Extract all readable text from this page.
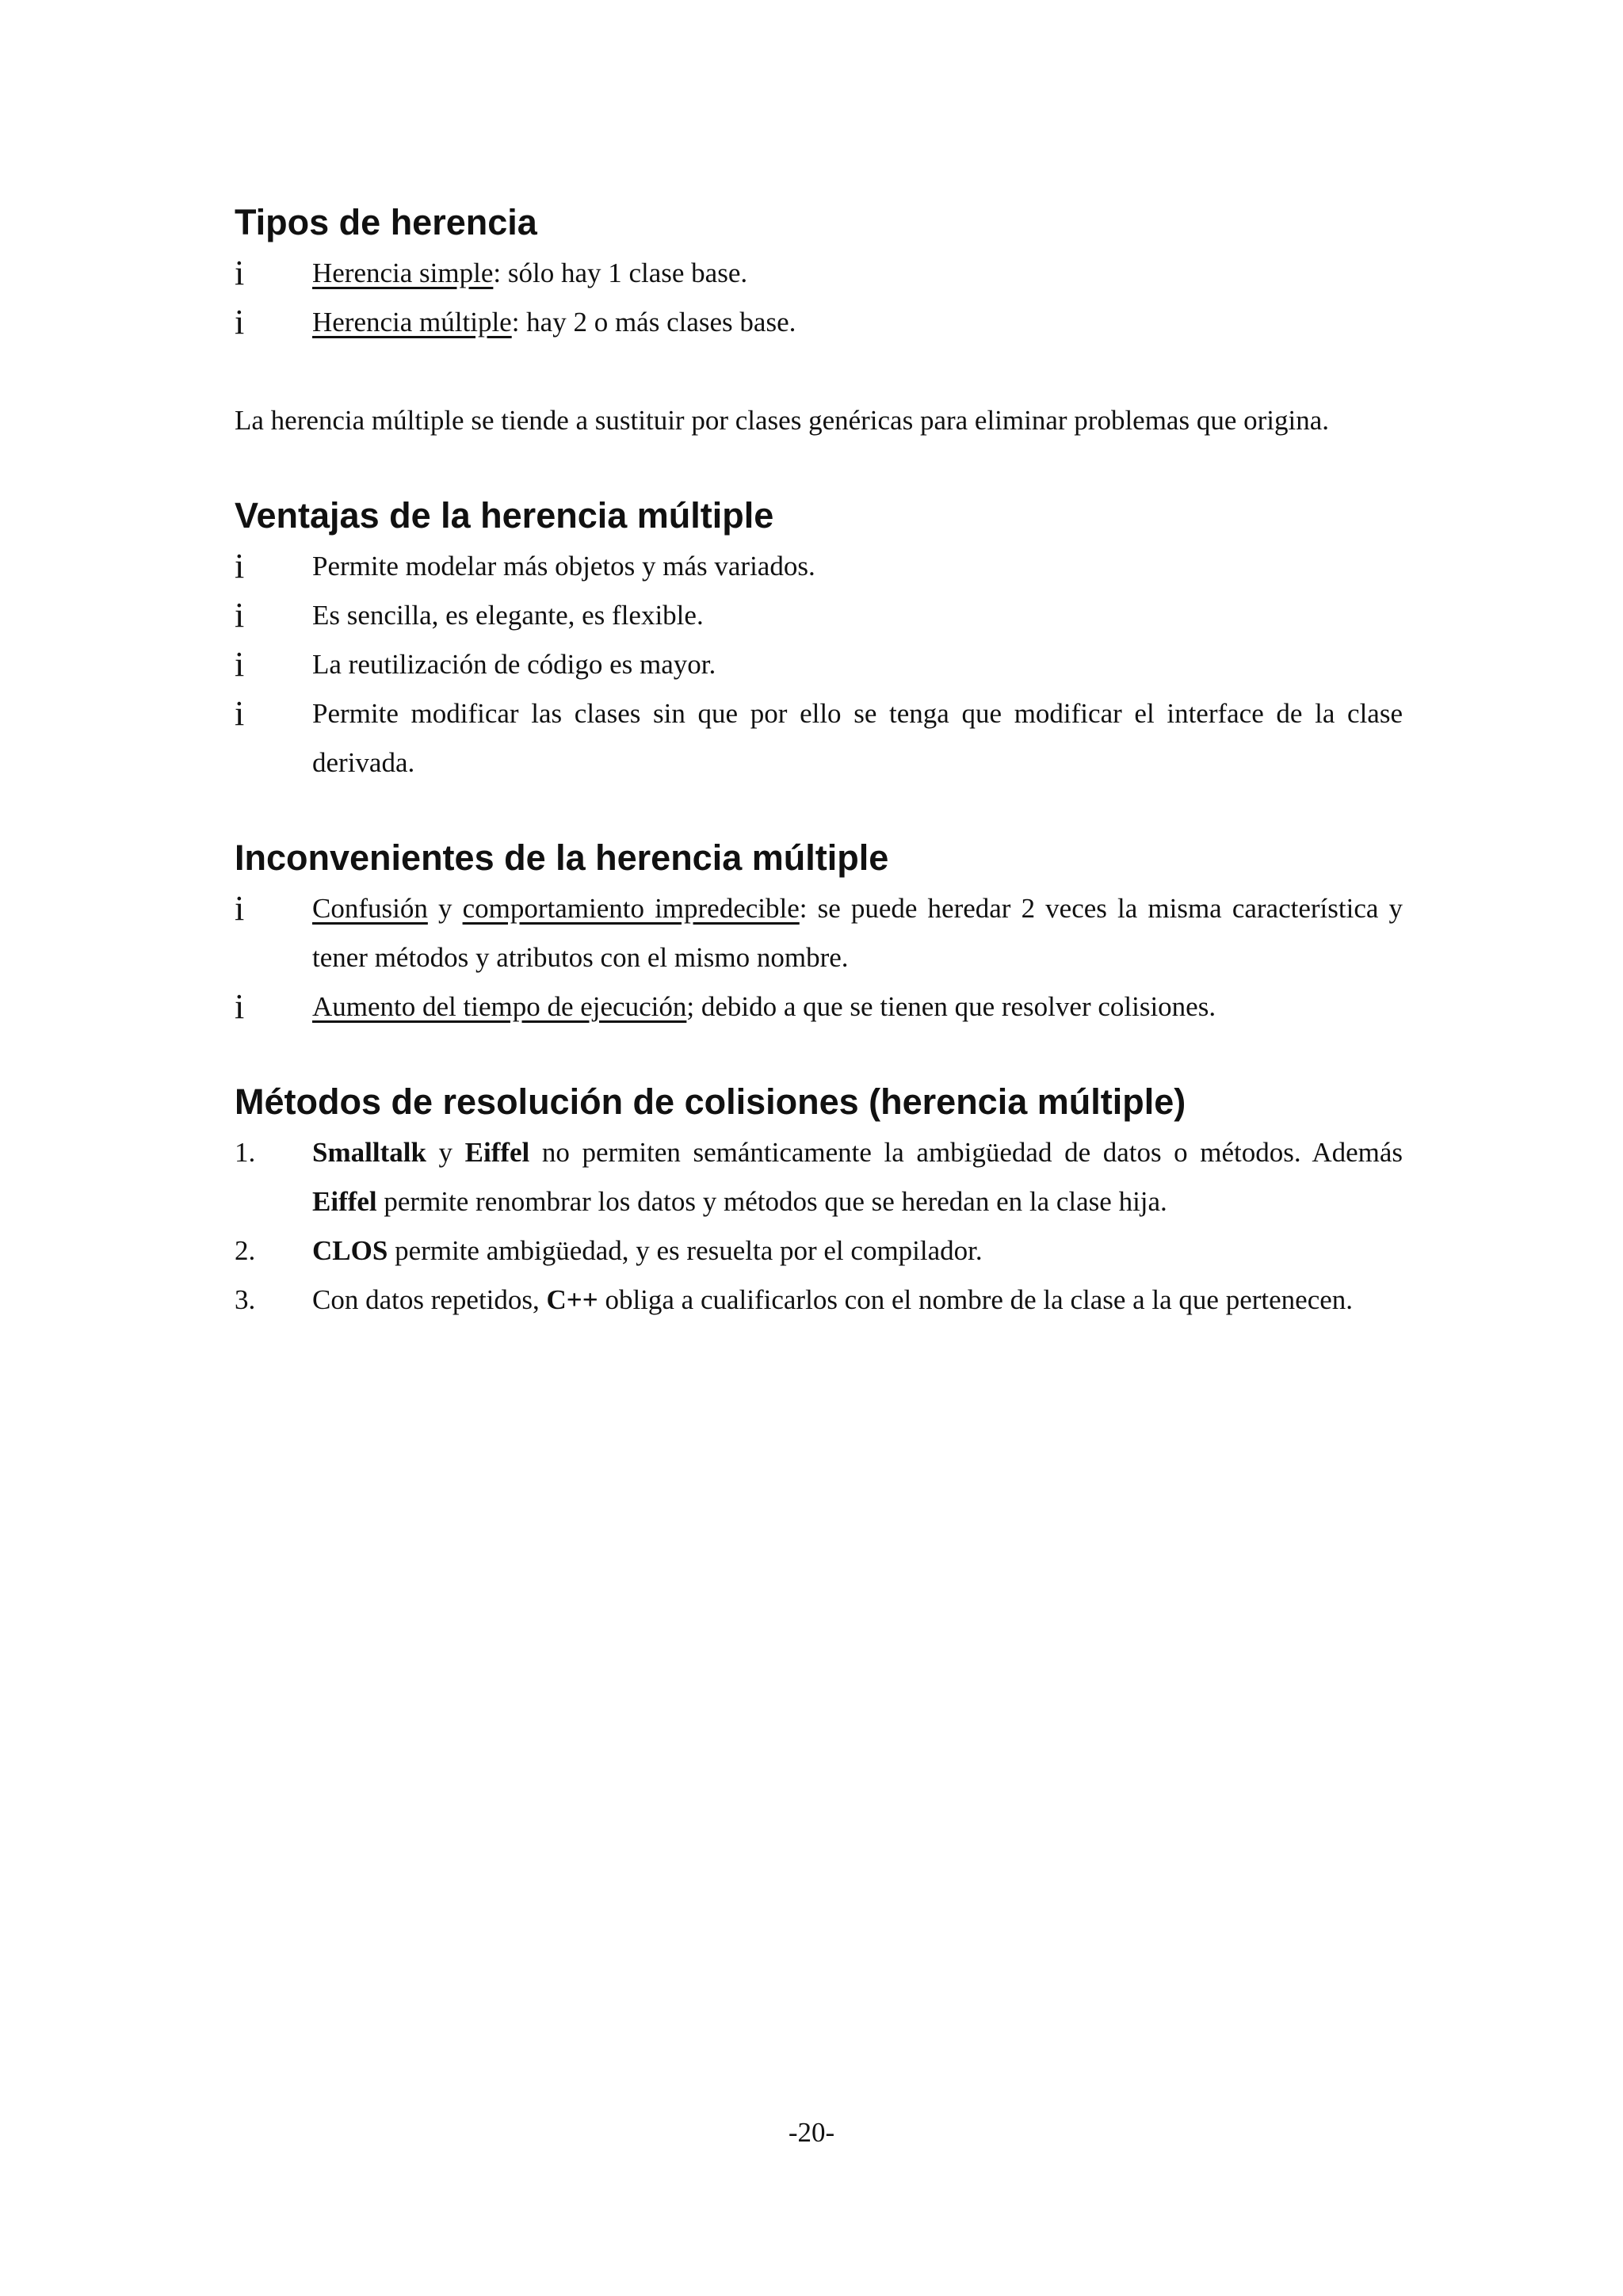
Tipos de herencia
i	Herencia simple: sólo hay 1 clase base.
i	Herencia múltiple: hay 2 o más clases base.

La herencia múltiple se tiende a sustituir por clases genéricas para eliminar problemas que origina.

Ventajas de la herencia múltiple
i	Permite modelar más objetos y más variados.
i	Es sencilla, es elegante, es flexible.
i	La reutilización de código es mayor.
i	Permite modificar las clases sin que por ello se tenga que modificar el interface de la clase derivada.
Inconvenientes de la herencia múltiple
i	Confusión y comportamiento impredecible: se puede heredar 2 veces la misma característica y tener métodos y atributos con el mismo nombre.
i	Aumento del tiempo de ejecución; debido a que se tienen que resolver colisiones.
Métodos de resolución de colisiones (herencia múltiple)
1.	Smalltalk y Eiffel no permiten semánticamente la ambigüedad de datos o métodos. Además Eiffel permite renombrar los datos y métodos que se heredan en la clase hija.
2.	CLOS permite ambigüedad, y es resuelta por el compilador.
3.	Con datos repetidos, C++ obliga a cualificarlos con el nombre de la clase a la que pertenecen.
-20-
